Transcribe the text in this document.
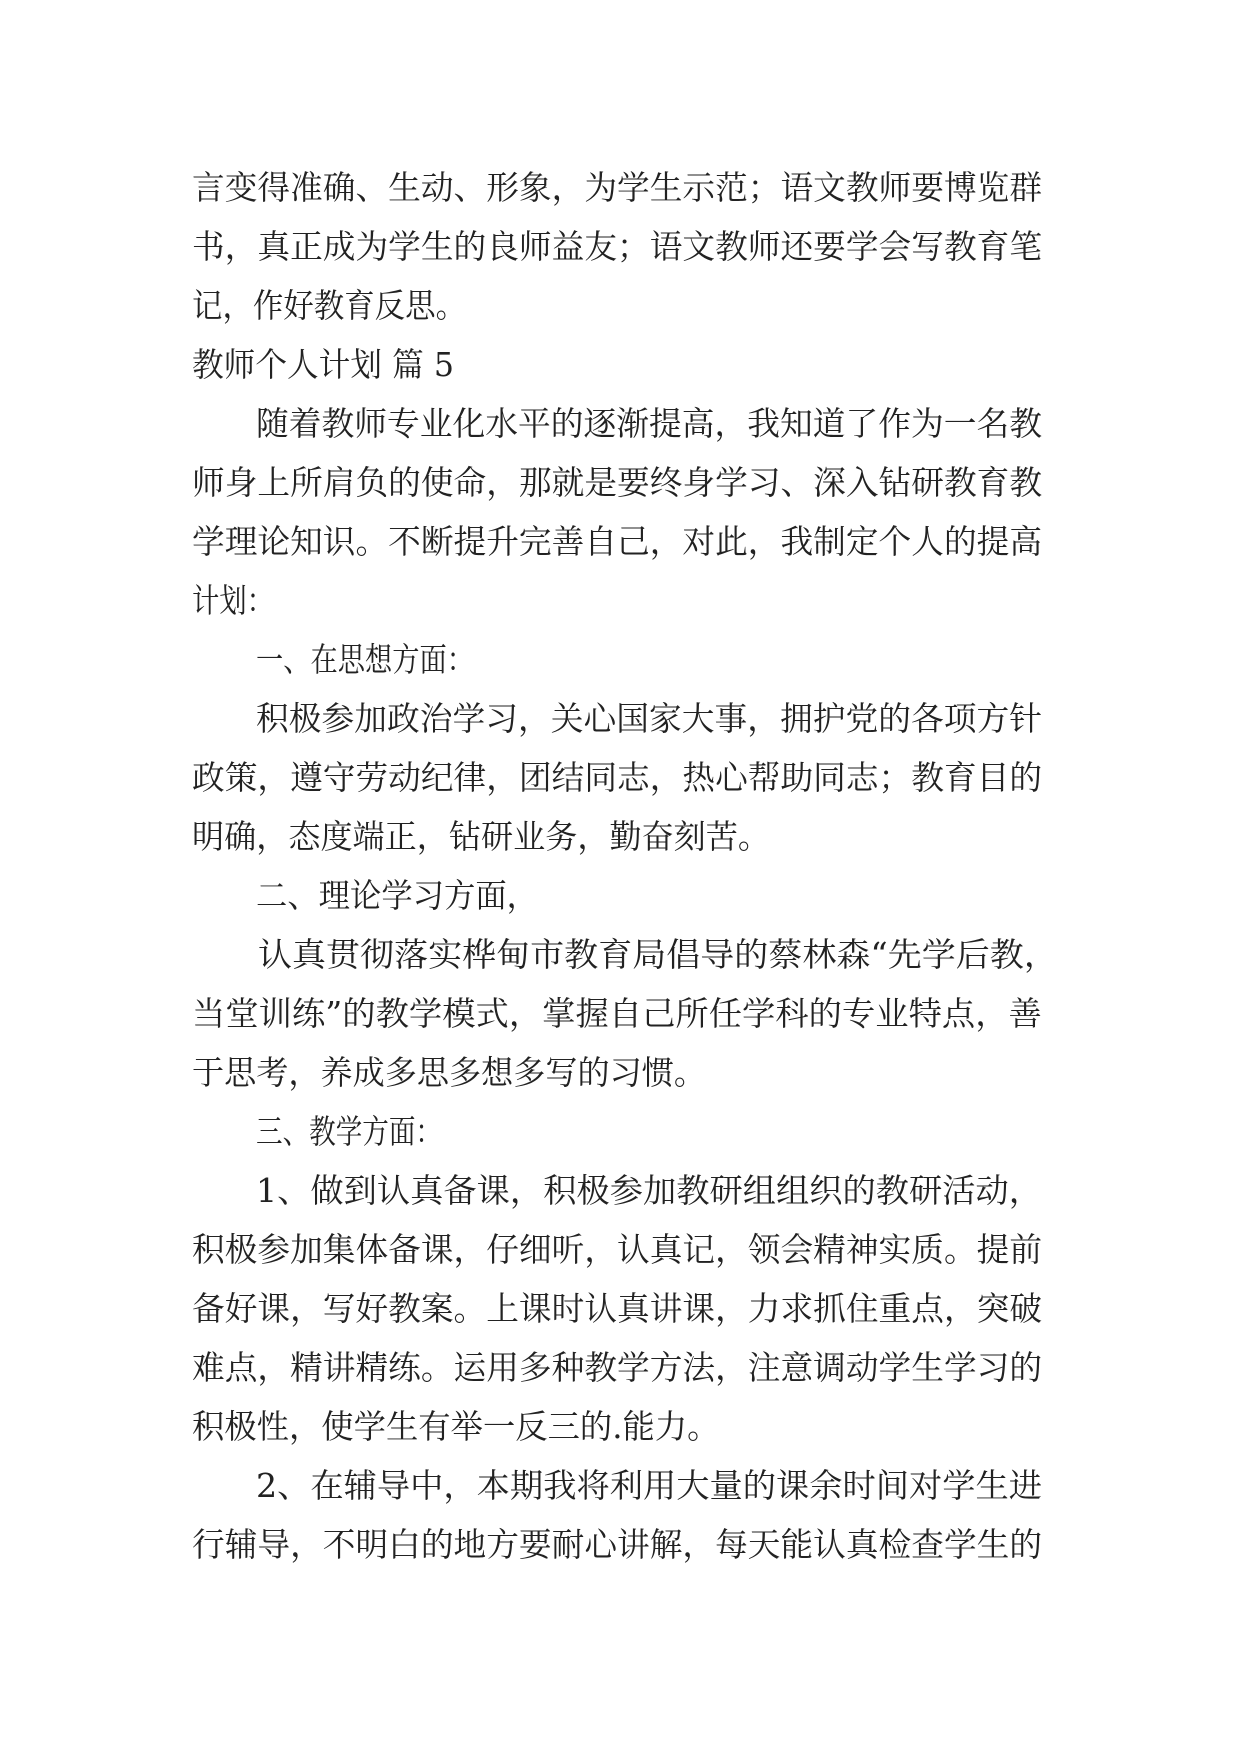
言变得准确、生动、形象，为学生示范；语文教师要博览群
书，真正成为学生的良师益友；语文教师还要学会写教育笔
记，作好教育反思。
教师个人计划 篇 5
随着教师专业化水平的逐渐提高，我知道了作为一名教
师身上所肩负的使命，那就是要终身学习、深入钻研教育教
学理论知识。不断提升完善自己，对此，我制定个人的提高
计划：
一、在思想方面：
积极参加政治学习，关心国家大事，拥护党的各项方针
政策，遵守劳动纪律，团结同志，热心帮助同志；教育目的
明确，态度端正，钻研业务，勤奋刻苦。
二、理论学习方面，
认真贯彻落实桦甸市教育局倡导的蔡林森“先学后教，
当堂训练”的教学模式，掌握自己所任学科的专业特点，善
于思考，养成多思多想多写的习惯。
三、教学方面：
1、做到认真备课，积极参加教研组组织的教研活动，
积极参加集体备课，仔细听，认真记，领会精神实质。提前
备好课，写好教案。上课时认真讲课，力求抓住重点，突破
难点，精讲精练。运用多种教学方法，注意调动学生学习的
积极性，使学生有举一反三的.能力。
2、在辅导中，本期我将利用大量的课余时间对学生进
行辅导，不明白的地方要耐心讲解，每天能认真检查学生的
